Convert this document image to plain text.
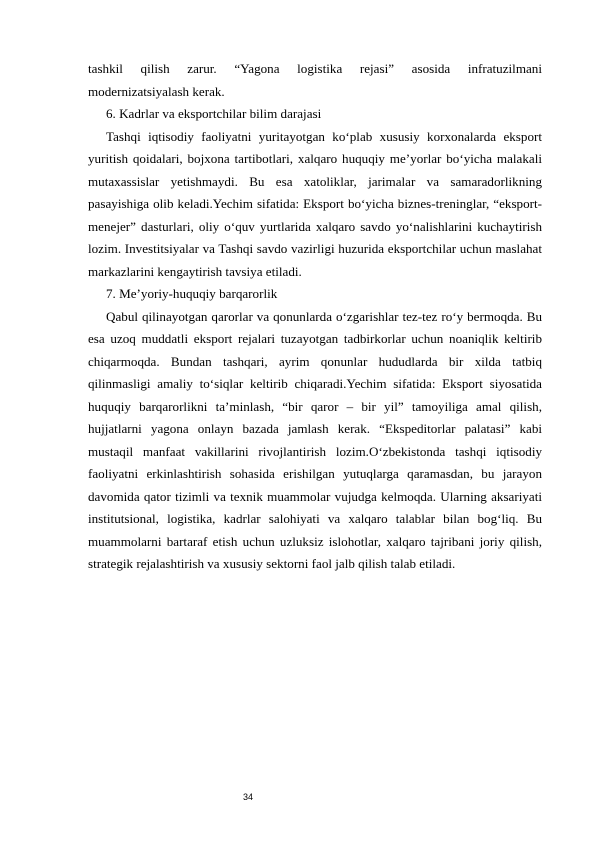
tashkil qilish zarur. “Yagona logistika rejasi” asosida infratuzilmani modernizatsiyalash kerak.

6. Kadrlar va eksportchilar bilim darajasi

Tashqi iqtisodiy faoliyatni yuritayotgan ko‘plab xususiy korxonalarda eksport yuritish qoidalari, bojxona tartibotlari, xalqaro huquqiy me’yorlar bo‘yicha malakali mutaxassislar yetishmaydi. Bu esa xatoliklar, jarimalar va samaradorlikning pasayishiga olib keladi.Yechim sifatida: Eksport bo‘yicha biznes-treninglar, “eksport-menejer” dasturlari, oliy o‘quv yurtlarida xalqaro savdo yo‘nalishlarini kuchaytirish lozim. Investitsiyalar va Tashqi savdo vazirligi huzurida eksportchilar uchun maslahat markazlarini kengaytirish tavsiya etiladi.

7. Me’yoriy-huquqiy barqarorlik

Qabul qilinayotgan qarorlar va qonunlarda o‘zgarishlar tez-tez ro‘y bermoqda. Bu esa uzoq muddatli eksport rejalari tuzayotgan tadbirkorlar uchun noaniqlik keltirib chiqarmoqda. Bundan tashqari, ayrim qonunlar hududlarda bir xilda tatbiq qilinmasligi amaliy to‘siqlar keltirib chiqaradi.Yechim sifatida: Eksport siyosatida huquqiy barqarorlikni ta’minlash, “bir qaror – bir yil” tamoyiliga amal qilish, hujjatlarni yagona onlayn bazada jamlash kerak. “Ekspeditorlar palatasi” kabi mustaqil manfaat vakillarini rivojlantirish lozim.O‘zbekistonda tashqi iqtisodiy faoliyatni erkinlashtirish sohasida erishilgan yutuqlarga qaramasdan, bu jarayon davomida qator tizimli va texnik muammolar vujudga kelmoqda. Ularning aksariyati institutsional, logistika, kadrlar salohiyati va xalqaro talablar bilan bog‘liq. Bu muammolarni bartaraf etish uchun uzluksiz islohotlar, xalqaro tajribani joriy qilish, strategik rejalashtirish va xususiy sektorni faol jalb qilish talab etiladi.

34
